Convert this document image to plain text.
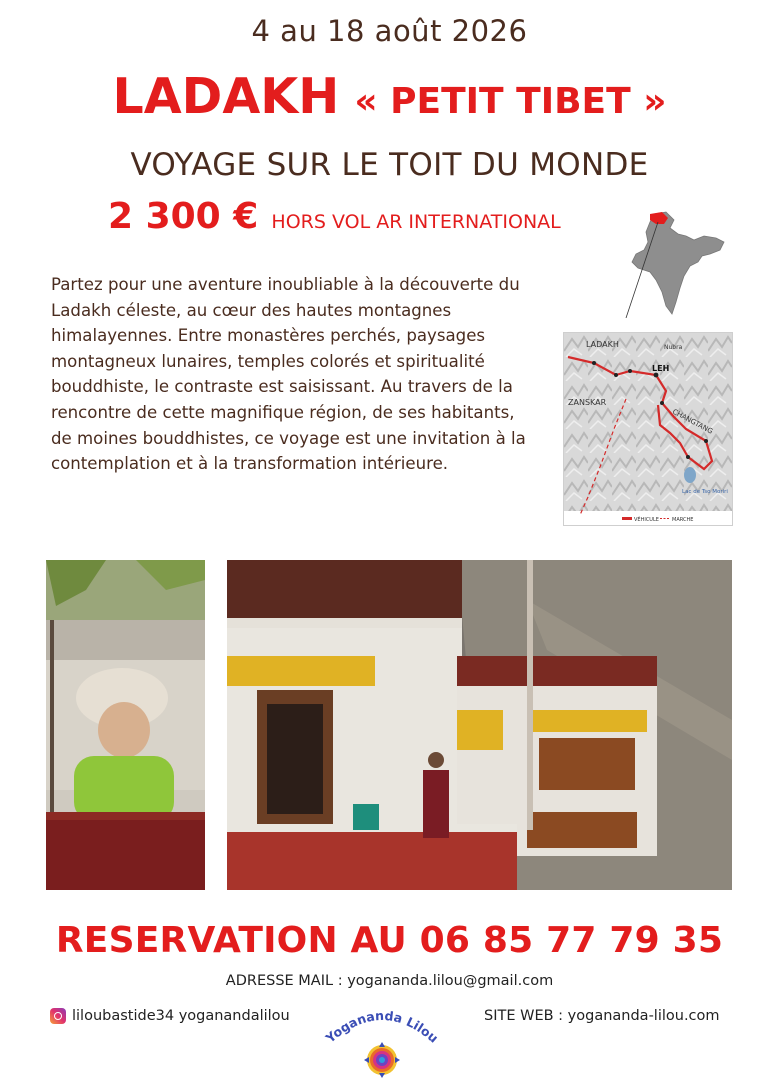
4 au 18 août 2026
LADAKH « PETIT TIBET »
VOYAGE SUR LE TOIT DU MONDE
2 300 € HORS VOL AR INTERNATIONAL

Partez pour une aventure inoubliable à la découverte du Ladakh céleste, au cœur des hautes montagnes himalayennes. Entre monastères perchés, paysages montagneux lunaires, temples colorés et spiritualité bouddhiste, le contraste est saisissant. Au travers de la rencontre de cette magnifique région, de ses habitants, de moines bouddhistes, ce voyage est une invitation à la contemplation et à la transformation intérieure.

LADAKH	Nubra
LEH
ZANSKAR
CHANGTANG
Lac de Tso Moriri
VÉHICULE	MARCHE
RESERVATION AU 06 85 77 79 35
ADRESSE MAIL : yogananda.lilou@gmail.com
liloubastide34 yoganandalilou	SITE WEB : yogananda-lilou.com
Yogananda Lilou
